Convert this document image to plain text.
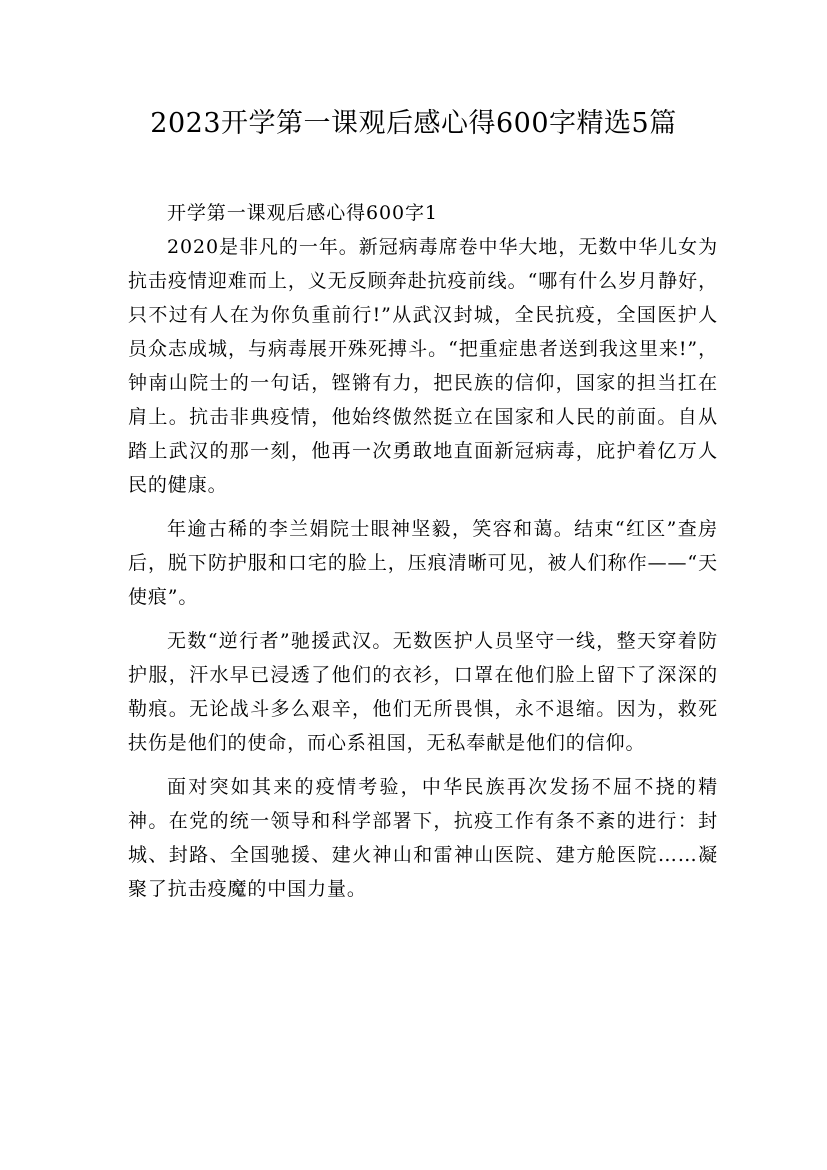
2023开学第一课观后感心得600字精选5篇

开学第一课观后感心得600字1

2020是非凡的一年。新冠病毒席卷中华大地，无数中华儿女为抗击疫情迎难而上，义无反顾奔赴抗疫前线。“哪有什么岁月静好，只不过有人在为你负重前行!”从武汉封城，全民抗疫，全国医护人员众志成城，与病毒展开殊死搏斗。“把重症患者送到我这里来!”，钟南山院士的一句话，铿锵有力，把民族的信仰，国家的担当扛在肩上。抗击非典疫情，他始终傲然挺立在国家和人民的前面。自从踏上武汉的那一刻，他再一次勇敢地直面新冠病毒，庇护着亿万人民的健康。

年逾古稀的李兰娟院士眼神坚毅，笑容和蔼。结束“红区”查房后，脱下防护服和口宅的脸上，压痕清晰可见，被人们称作——“天使痕”。

无数“逆行者”驰援武汉。无数医护人员坚守一线，整天穿着防护服，汗水早已浸透了他们的衣衫，口罩在他们脸上留下了深深的勒痕。无论战斗多么艰辛，他们无所畏惧，永不退缩。因为，救死扶伤是他们的使命，而心系祖国，无私奉献是他们的信仰。

面对突如其来的疫情考验，中华民族再次发扬不屈不挠的精神。在党的统一领导和科学部署下，抗疫工作有条不紊的进行：封城、封路、全国驰援、建火神山和雷神山医院、建方舱医院……凝聚了抗击疫魔的中国力量。
